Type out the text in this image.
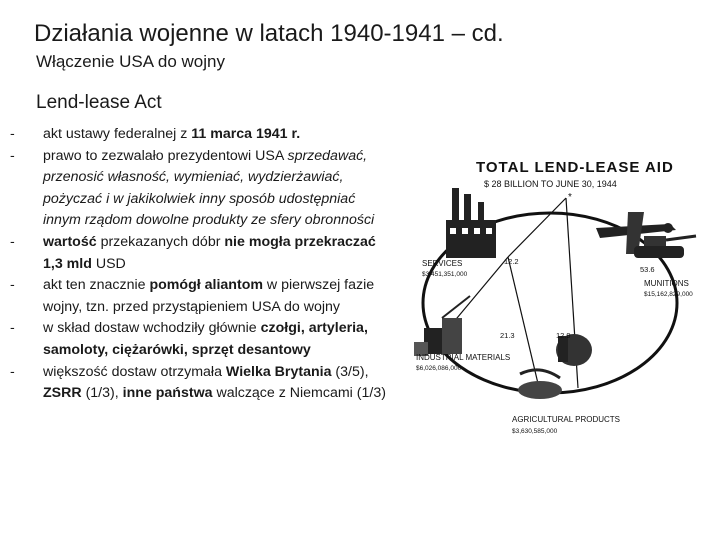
Działania wojenne w latach 1940-1941 – cd.
Włączenie USA do wojny
Lend-lease Act
-	akt ustawy federalnej z 11 marca 1941 r.
-	prawo to zezwalało prezydentowi USA sprzedawać, przenosić własność, wymieniać, wydzierżawiać, pożyczać i w jakikolwiek inny sposób udostępniać innym rządom dowolne produkty ze sfery obronności
-	wartość przekazanych dóbr nie mogła przekraczać 1,3 mld USD
-	akt ten znacznie pomógł aliantom w pierwszej fazie wojny, tzn. przed przystąpieniem USA do wojny
-	w skład dostaw wchodziły głównie czołgi, artyleria, samoloty, ciężarówki, sprzęt desantowy
-	większość dostaw otrzymała Wielka Brytania (3/5), ZSRR (1/3), inne państwa walczące z Niemcami (1/3)
TOTAL LEND-LEASE AID
$ 28 BILLION TO JUNE 30, 1944
*
SERVICES
$3,451,351,000
12.2
MUNITIONS
$15,162,829,000
53.6
INDUSTRIAL MATERIALS
$6,026,086,000
21.3
AGRICULTURAL PRODUCTS
$3,630,585,000
12.9
